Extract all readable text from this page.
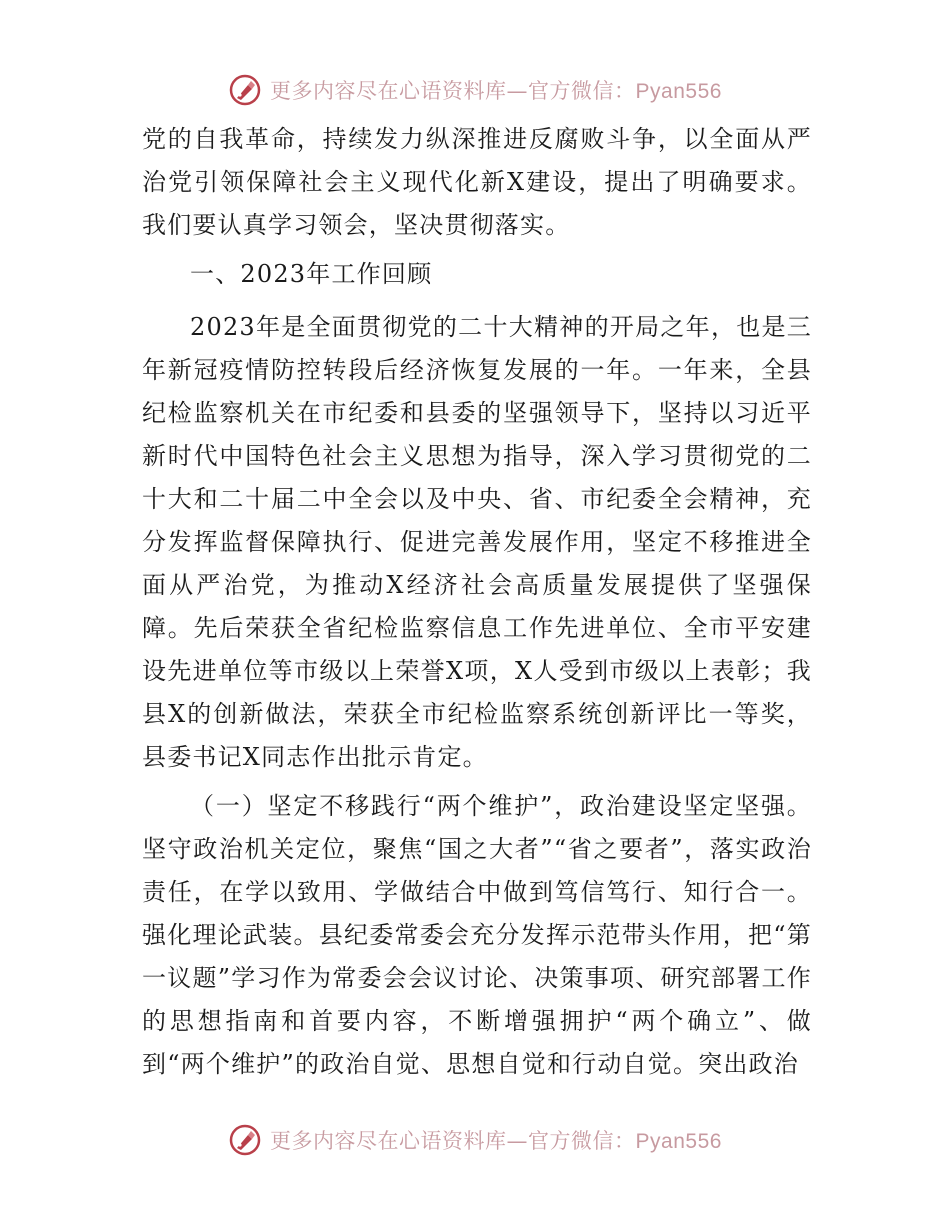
更多内容尽在心语资料库—官方微信：Pyan556

党的自我革命，持续发力纵深推进反腐败斗争，以全面从严治党引领保障社会主义现代化新X建设，提出了明确要求。我们要认真学习领会，坚决贯彻落实。

一、2023年工作回顾

2023年是全面贯彻党的二十大精神的开局之年，也是三年新冠疫情防控转段后经济恢复发展的一年。一年来，全县纪检监察机关在市纪委和县委的坚强领导下，坚持以习近平新时代中国特色社会主义思想为指导，深入学习贯彻党的二十大和二十届二中全会以及中央、省、市纪委全会精神，充分发挥监督保障执行、促进完善发展作用，坚定不移推进全面从严治党，为推动X经济社会高质量发展提供了坚强保障。先后荣获全省纪检监察信息工作先进单位、全市平安建设先进单位等市级以上荣誉X项，X人受到市级以上表彰；我县X的创新做法，荣获全市纪检监察系统创新评比一等奖，县委书记X同志作出批示肯定。

（一）坚定不移践行“两个维护”，政治建设坚定坚强。坚守政治机关定位，聚焦“国之大者”“省之要者”，落实政治责任，在学以致用、学做结合中做到笃信笃行、知行合一。强化理论武装。县纪委常委会充分发挥示范带头作用，把“第一议题”学习作为常委会会议讨论、决策事项、研究部署工作的思想指南和首要内容，不断增强拥护“两个确立”、做到“两个维护”的政治自觉、思想自觉和行动自觉。突出政治

更多内容尽在心语资料库—官方微信：Pyan556
